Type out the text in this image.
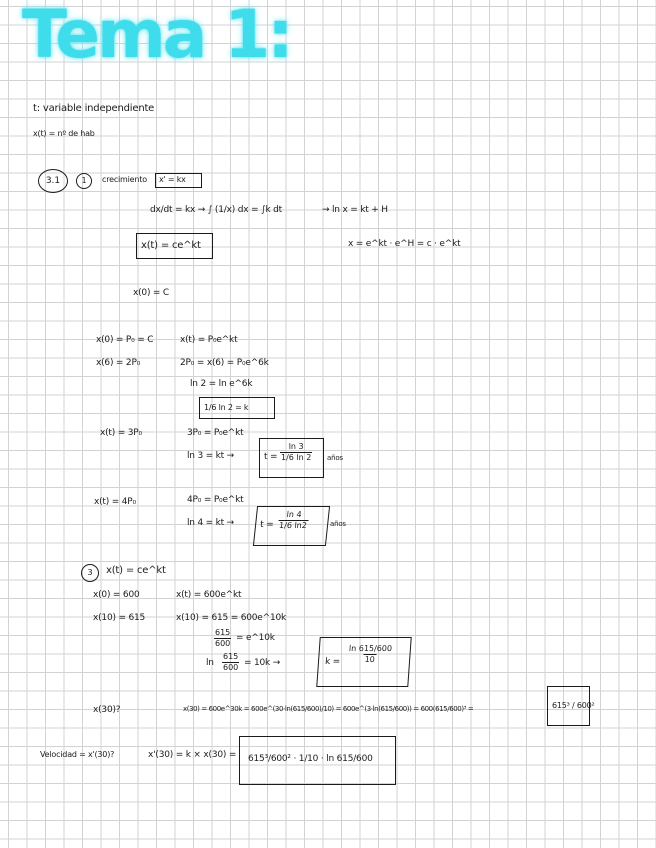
Tema 1:
t: variable independiente
x(t) = nº de hab
3.1	1 crecimiento x' = kx
dx/dt = kx → ∫ (1/x) dx = ∫k dt	→ ln x = kt + H
x(t) = ce^kt	x = e^kt · e^H = c · e^kt
x(0) = C
x(0) = P₀ = C	x(t) = P₀e^kt
x(6) = 2P₀	2P₀ = x(6) = P₀e^6k
ln 2 = ln e^6k
1/6 ln 2 = k
x(t) = 3P₀	3P₀ = P₀e^kt
ln 3 = kt →	$t = \frac{\ln 3}{1/6 \ln 2}$ años
x(t) = 4P₀	4P₀ = P₀e^kt
ln 4 = kt →	$t = \frac{\ln 4}{1/6 \ln 2}$	años
3 x(t) = ce^kt
x(0) = 600	x(t) = 600e^kt
x(10) = 615	x(10) = 615 = 600e^10k
$\frac{615}{600}$ = e^10k
$\ln \frac{615}{600} = 10k$ →	$k = \frac{\ln 615/600}{10}$
x(30)?	x(30) = 600e^30k = 600e^(30·ln(615/600)/10) = 600e^(3·ln(615/600)) = 600(615/600)³ =	615³ / 600²
Velocidad = x'(30)?	x'(30) = k × x(30) = 615³/600² · 1/10 · ln 615/600
